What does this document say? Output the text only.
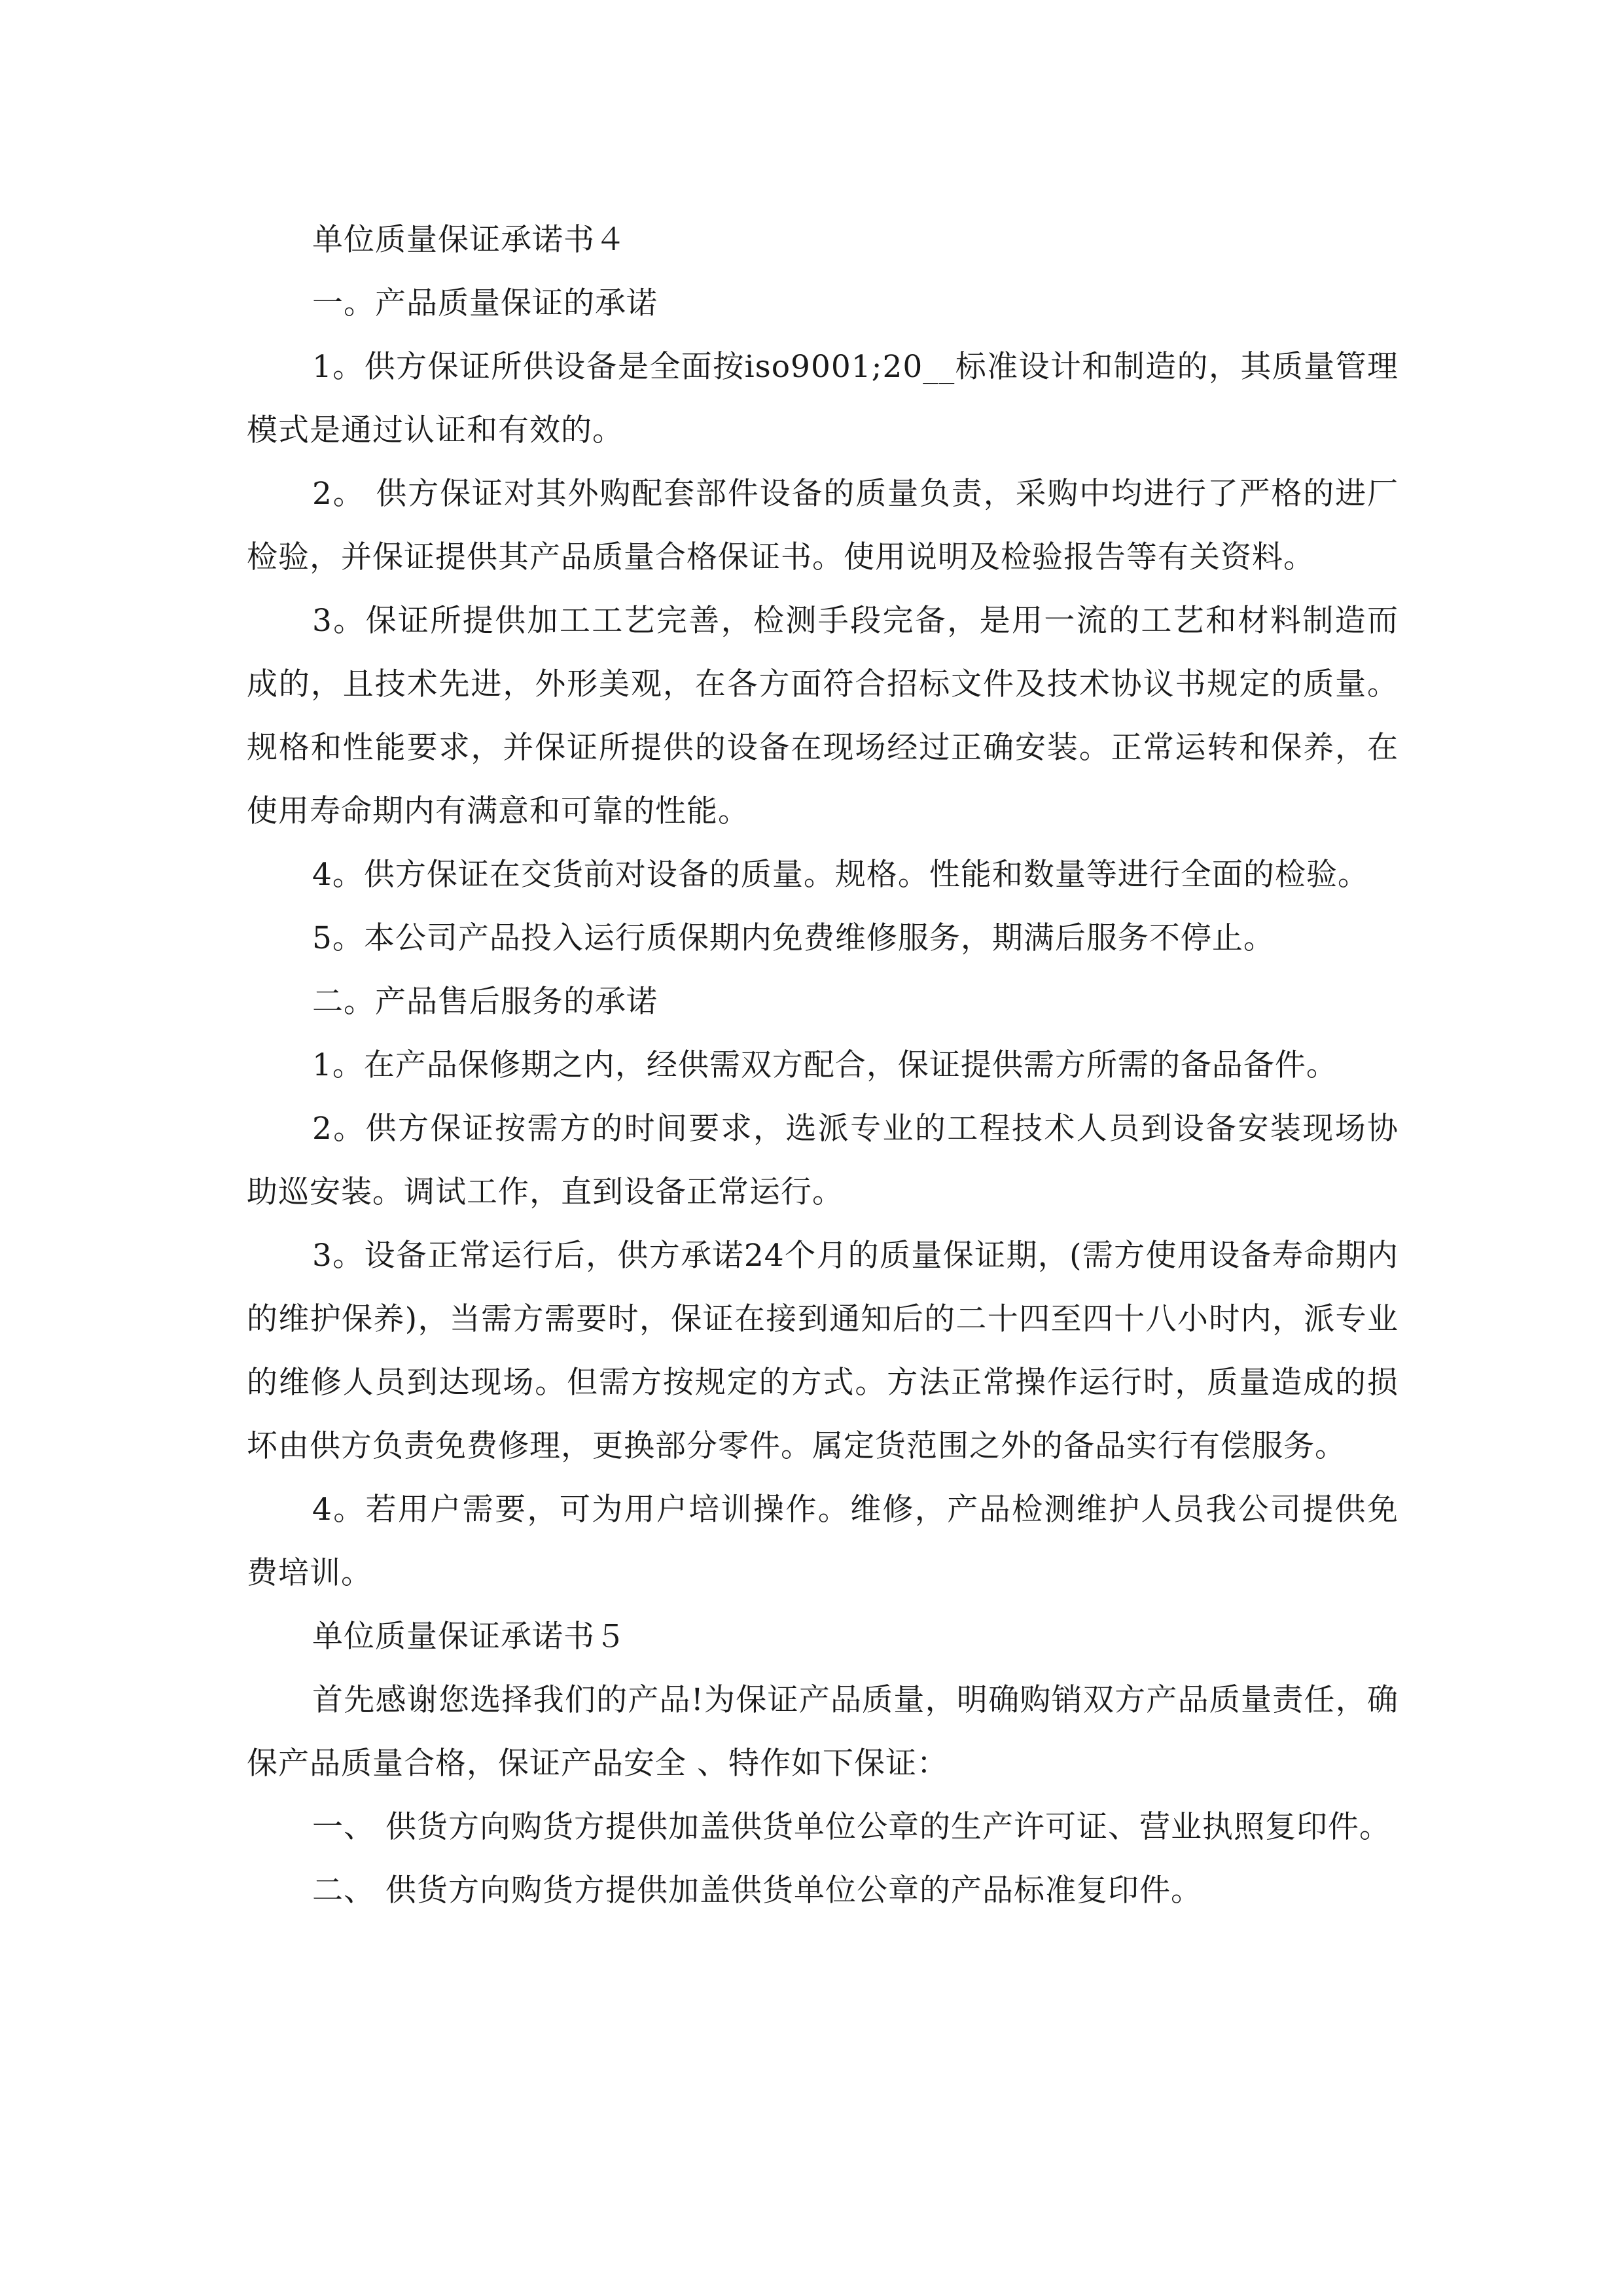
单位质量保证承诺书４

一。产品质量保证的承诺

1。供方保证所供设备是全面按iso9001;20__标准设计和制造的，其质量管理模式是通过认证和有效的。

2。 供方保证对其外购配套部件设备的质量负责，采购中均进行了严格的进厂检验，并保证提供其产品质量合格保证书。使用说明及检验报告等有关资料。

3。保证所提供加工工艺完善，检测手段完备，是用一流的工艺和材料制造而成的，且技术先进，外形美观，在各方面符合招标文件及技术协议书规定的质量。规格和性能要求，并保证所提供的设备在现场经过正确安装。正常运转和保养，在使用寿命期内有满意和可靠的性能。

4。供方保证在交货前对设备的质量。规格。性能和数量等进行全面的检验。

5。本公司产品投入运行质保期内免费维修服务，期满后服务不停止。

二。产品售后服务的承诺

1。在产品保修期之内，经供需双方配合，保证提供需方所需的备品备件。

2。供方保证按需方的时间要求，选派专业的工程技术人员到设备安装现场协助巡安装。调试工作，直到设备正常运行。

3。设备正常运行后，供方承诺24个月的质量保证期，(需方使用设备寿命期内的维护保养)，当需方需要时，保证在接到通知后的二十四至四十八小时内，派专业的维修人员到达现场。但需方按规定的方式。方法正常操作运行时，质量造成的损坏由供方负责免费修理，更换部分零件。属定货范围之外的备品实行有偿服务。

4。若用户需要，可为用户培训操作。维修，产品检测维护人员我公司提供免费培训。

单位质量保证承诺书５

首先感谢您选择我们的产品!为保证产品质量，明确购销双方产品质量责任，确保产品质量合格，保证产品安全 、特作如下保证：

一、 供货方向购货方提供加盖供货单位公章的生产许可证、营业执照复印件。

二、 供货方向购货方提供加盖供货单位公章的产品标准复印件。
